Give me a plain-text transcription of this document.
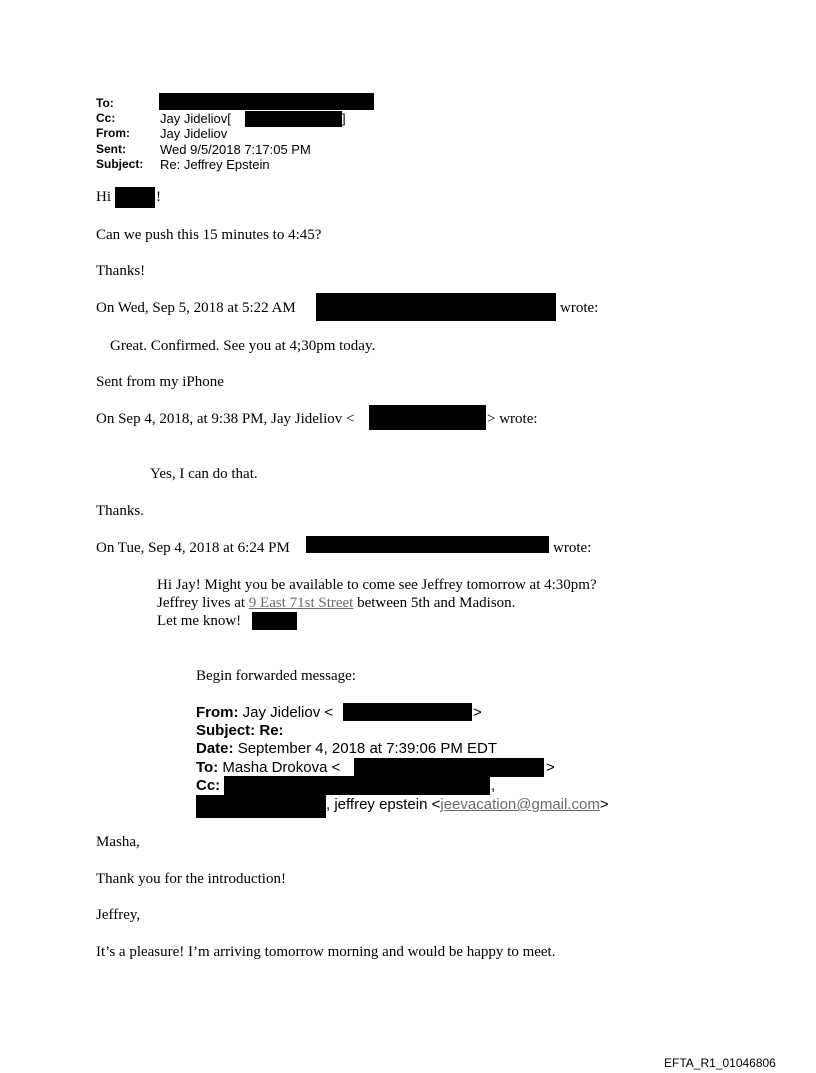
To:
Cc:	Jay Jideliov[	]
From: Jay Jideliov
Sent:	Wed 9/5/2018 7:17:05 PM
Subject: Re: Jeffrey Epstein
Hi	!
Can we push this 15 minutes to 4:45?
Thanks!
On Wed, Sep 5, 2018 at 5:22 AM	wrote:
Great. Confirmed. See you at 4;30pm today.
Sent from my iPhone
On Sep 4, 2018, at 9:38 PM, Jay Jideliov <	> wrote:
Yes, I can do that.
Thanks.
On Tue, Sep 4, 2018 at 6:24 PM	wrote:
Hi Jay! Might you be available to come see Jeffrey tomorrow at 4:30pm?
Jeffrey lives at 9 East 71st Street between 5th and Madison.
Let me know!
Begin forwarded message:
From: Jay Jideliov <	>
Subject: Re:
Date: September 4, 2018 at 7:39:06 PM EDT
To: Masha Drokova <	>
Cc:	,
, jeffrey epstein <jeevacation@gmail.com>
Masha,
Thank you for the introduction!
Jeffrey,
It’s a pleasure! I’m arriving tomorrow morning and would be happy to meet.
EFTA_R1_01046806
